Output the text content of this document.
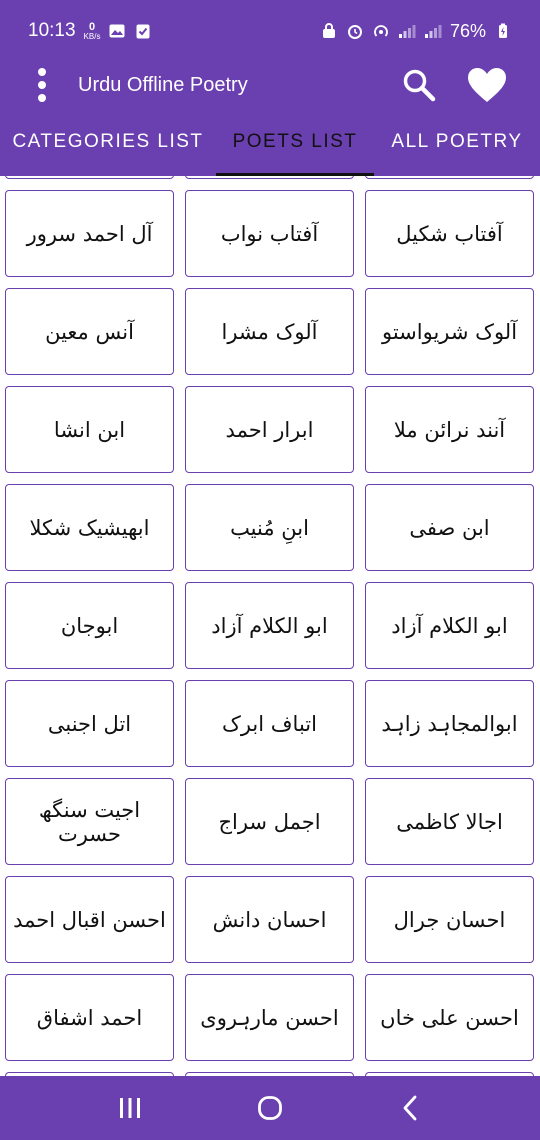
10:13	0
KB/s	76%
Urdu Offline Poetry
CATEGORIES LIST	POETS LIST	ALL POETRY
آل احمد سرور	آفتاب نواب	آفتاب شکیل
آنس معین	آلوک مشرا	آلوک شریواستو
ابن انشا	ابرار احمد	آنند نرائن ملا
ابھیشیک شکلا	ابنِ مُنیب	ابن صفی
ابوجان	ابو الکلام آزاد	ابو الکلام آزاد
اتل اجنبی	اتباف ابرک	ابوالمجاہد زاہد
اجیت سنگھ حسرت	اجمل سراج	اجالا کاظمی
احسن اقبال احمد	احسان دانش	احسان جرال
احمد اشفاق	احسن مارہروی	احسن علی خاں
